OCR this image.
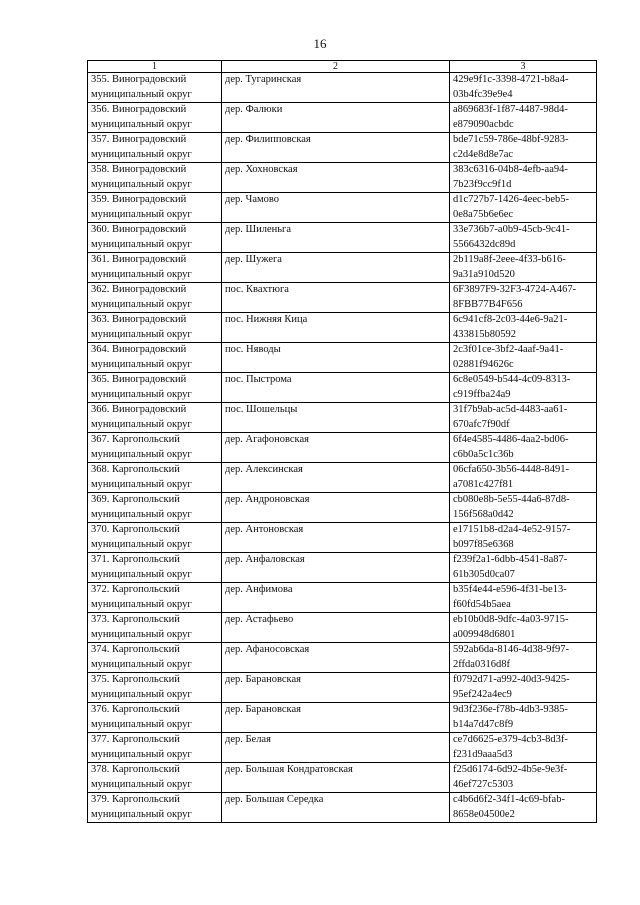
16
1	2	3

355. Виноградовский
муниципальный округ	дер. Тугаринская	429e9f1c-3398-4721-b8a4-
03b4fc39e9e4

356. Виноградовский
муниципальный округ	дер. Фалюки	a869683f-1f87-4487-98d4-
e879090acbdc

357. Виноградовский
муниципальный округ	дер. Филипповская	bde71c59-786e-48bf-9283-
c2d4e8d8e7ac

358. Виноградовский
муниципальный округ	дер. Хохновская	383c6316-04b8-4efb-aa94-
7b23f9cc9f1d

359. Виноградовский
муниципальный округ	дер. Чамово	d1c727b7-1426-4eec-beb5-
0e8a75b6e6ec

360. Виноградовский
муниципальный округ	дер. Шиленьга	33e736b7-a0b9-45cb-9c41-
5566432dc89d

361. Виноградовский
муниципальный округ	дер. Шужега	2b119a8f-2eee-4f33-b616-
9a31a910d520

362. Виноградовский
муниципальный округ	пос. Квахтюга	6F3897F9-32F3-4724-A467-
8FBB77B4F656

363. Виноградовский
муниципальный округ	пос. Нижняя Кица	6c941cf8-2c03-44e6-9a21-
433815b80592

364. Виноградовский
муниципальный округ	пос. Няводы	2c3f01ce-3bf2-4aaf-9a41-
02881f94626c

365. Виноградовский
муниципальный округ	пос. Пыстрома	6c8e0549-b544-4c09-8313-
c919ffba24a9

366. Виноградовский
муниципальный округ	пос. Шошельцы	31f7b9ab-ac5d-4483-aa61-
670afc7f90df

367. Каргопольский
муниципальный округ	дер. Агафоновская	6f4e4585-4486-4aa2-bd06-
c6b0a5c1c36b

368. Каргопольский
муниципальный округ	дер. Алексинская	06cfa650-3b56-4448-8491-
a7081c427f81

369. Каргопольский
муниципальный округ	дер. Андроновская	cb080e8b-5e55-44a6-87d8-
156f568a0d42

370. Каргопольский
муниципальный округ	дер. Антоновская	e17151b8-d2a4-4e52-9157-
b097f85e6368

371. Каргопольский
муниципальный округ	дер. Анфаловская	f239f2a1-6dbb-4541-8a87-
61b305d0ca07

372. Каргопольский
муниципальный округ	дер. Анфимова	b35f4e44-e596-4f31-be13-
f60fd54b5aea

373. Каргопольский
муниципальный округ	дер. Астафьево	eb10b0d8-9dfc-4a03-9715-
a009948d6801

374. Каргопольский
муниципальный округ	дер. Афаносовская	592ab6da-8146-4d38-9f97-
2ffda0316d8f

375. Каргопольский
муниципальный округ	дер. Барановская	f0792d71-a992-40d3-9425-
95ef242a4ec9

376. Каргопольский
муниципальный округ	дер. Барановская	9d3f236e-f78b-4db3-9385-
b14a7d47c8f9

377. Каргопольский
муниципальный округ	дер. Белая	ce7d6625-e379-4cb3-8d3f-
f231d9aaa5d3

378. Каргопольский
муниципальный округ	дер. Большая Кондратовская	f25d6174-6d92-4b5e-9e3f-
46ef727c5303

379. Каргопольский
муниципальный округ	дер. Большая Середка	c4b6d6f2-34f1-4c69-bfab-
8658e04500e2
